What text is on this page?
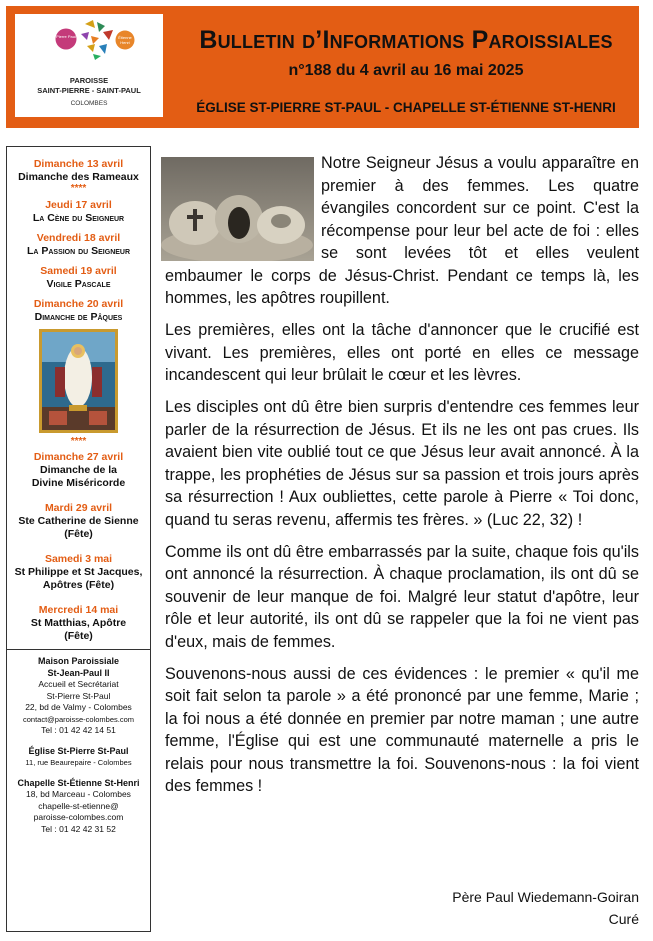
Pierre Paul	Étienne Henri
PAROISSE
SAINT-PIERRE - SAINT-PAUL
COLOMBES
Bulletin d’Informations Paroissiales
n°188 du 4 avril au 16 mai 2025
ÉGLISE ST-PIERRE ST-PAUL - CHAPELLE ST-ÉTIENNE ST-HENRI
Dimanche 13 avril
Dimanche des Rameaux
****
Jeudi 17 avril
La Cène du Seigneur
Vendredi 18 avril
La Passion du Seigneur
Samedi 19 avril
Vigile Pascale
Dimanche 20 avril
Dimanche de Pâques
****
Dimanche 27 avril
Dimanche de la
Divine Miséricorde
Mardi 29 avril
Ste Catherine de Sienne
(Fête)
Samedi 3 mai
St Philippe et St Jacques,
Apôtres (Fête)
Mercredi 14 mai
St Matthias, Apôtre
(Fête)
Maison Paroissiale
St-Jean-Paul II
Accueil et Secrétariat
St-Pierre St-Paul
22, bd de Valmy - Colombes
contact@paroisse-colombes.com
Tel : 01 42 42 14 51
Église St-Pierre St-Paul
11, rue Beaurepaire - Colombes
Chapelle St-Étienne St-Henri
18, bd Marceau - Colombes
chapelle-st-etienne@
paroisse-colombes.com
Tel : 01 42 42 31 52

Notre Seigneur Jésus a voulu apparaître en premier à des femmes. Les quatre évangiles concordent sur ce point. C'est la récompense pour leur bel acte de foi : elles se sont levées tôt et elles veulent embaumer le corps de Jésus-Christ. Pendant ce temps là, les hommes, les apôtres roupillent.

Les premières, elles ont la tâche d'annoncer que le crucifié est vivant. Les premières, elles ont porté en elles ce message incandescent qui leur brûlait le cœur et les lèvres.

Les disciples ont dû être bien surpris d'entendre ces femmes leur parler de la résurrection de Jésus. Et ils ne les ont pas crues. Ils avaient bien vite oublié tout ce que Jésus leur avait annoncé. À la trappe, les prophéties de Jésus sur sa passion et trois jours après sa résurrection ! Aux oubliettes, cette parole à Pierre « Toi donc, quand tu seras revenu, affermis tes frères. » (Luc 22, 32) !

Comme ils ont dû être embarrassés par la suite, chaque fois qu'ils ont annoncé la résurrection. À chaque proclamation, ils ont dû se souvenir de leur manque de foi. Malgré leur statut d'apôtre, leur rôle et leur autorité, ils ont dû se rappeler que la foi ne vient pas d'eux, mais de femmes.

Souvenons-nous aussi de ces évidences : le premier « qu'il me soit fait selon ta parole » a été prononcé par une femme, Marie ; la foi nous a été donnée en premier par notre maman ; une autre femme, l'Église qui est une communauté maternelle a pris le relais pour nous transmettre la foi. Souvenons-nous : la foi vient des femmes !

Père Paul Wiedemann-Goiran
Curé
